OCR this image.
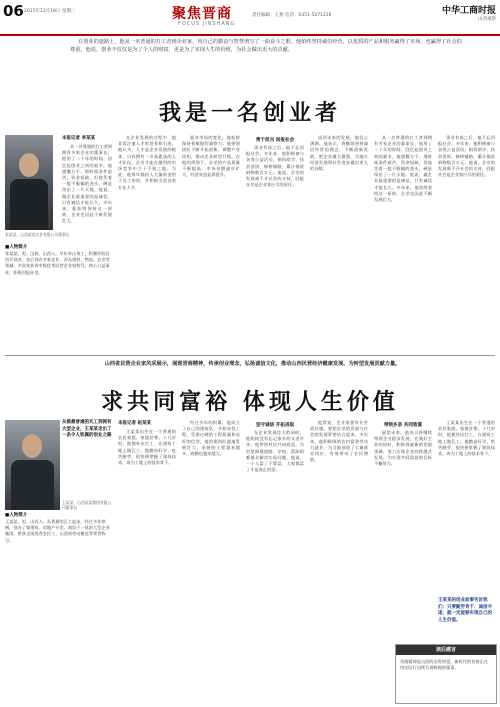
06 2015年11月18日 星期三	聚焦晋商
FOCUS JINSHANG
责任编辑：王燕 电话：0351-5271216	中华工商时报
山西观察
在创业的道路上，他从一名普通的打工者到企业家，用自己的勤奋与智慧谱写了一曲奋斗之歌。他始终坚持诚信经营，以优质的产品和服务赢得了市场，也赢得了社会的尊重。他说，创业不仅仅是为了个人的财富，更是为了实现人生的价值，为社会做出更大的贡献。
我是一名创业者
张某某，山西某某实业有限公司董事长
■人物简介
张某某，男，汉族，山西人。早年外出务工，积累经验后回乡创业，先后创办多家企业，涉及建材、物流、农业等领域。多次荣获省市级优秀民营企业家称号，热心公益事业，积极回报社会。
本报记者 李某某

从一名普通的打工者到拥有多家企业的董事长，他用了二十年的时间。回忆起创业之初的艰辛，他感慨万千。那时候条件艰苦，资金短缺，但他凭着一股不服输的劲头，硬是闯出了一片天地。他说，做企业最重要的是诚信，只有诚信才能长久。多年来，他始终坚持这一原则，企业也因此不断发展壮大。

在企业发展的过程中，他非常注重人才的培养和引进。他认为，人才是企业发展的根本，只有拥有一支高素质的人才队伍，企业才能在激烈的市场竞争中立于不败之地。为此，他每年都投入大量资金用于员工培训，并积极引进各类专业人才。

面对市场的变化，他始终保持着敏锐的洞察力。他带领团队不断开拓创新，调整产业结构，推动企业转型升级。在他的带领下，企业的产品质量不断提高，市场份额逐年扩大，经济效益显著提升。

勇于担当 回报社会

事业有成之后，他不忘回报社会。多年来，他积极参与各类公益活动，捐资助学、扶贫济困、修桥铺路，累计捐款捐物数百万元。他说，企业的发展离不开社会的支持，回报社会是企业家应尽的责任。

谈到未来的发展，他信心满满。他表示，将继续坚持诚信经营的理念，不断创新发展，把企业做大做强，为地方经济发展和社会进步做出更大的贡献。

从一名普通的打工者到拥有多家企业的董事长，他用了二十年的时间。回忆起创业之初的艰辛，他感慨万千。那时候条件艰苦，资金短缺，但他凭着一股不服输的劲头，硬是闯出了一片天地。他说，做企业最重要的是诚信，只有诚信才能长久。多年来，他始终坚持这一原则，企业也因此不断发展壮大。

事业有成之后，他不忘回报社会。多年来，他积极参与各类公益活动，捐资助学、扶贫济困、修桥铺路，累计捐款捐物数百万元。他说，企业的发展离不开社会的支持，回报社会是企业家应尽的责任。

山西省民营企业家风采展示，展现晋商精神，传承创业理念，弘扬诚信文化，推动山西民营经济健康发展，为转型发展贡献力量。
求共同富裕 体现人生价值
从做最普通的瓦工到拥有大型企业，王某某走出了一条令人钦佩的创业之路
王某某，山西某某集团有限公司董事长
■人物简介
王某某，男，山西人。从普通的瓦工起步，经过多年拼搏，创办了集建筑、房地产开发、商贸于一体的大型企业集团。曾获全国优秀农民工、山西省劳动模范等荣誉称号。
本报记者 赵某某

王某某出生在一个普通的农民家庭，家境贫寒。十几岁时，他便外出打工，在建筑工地上做瓦工。他勤奋好学，吃苦耐劳，很快便掌握了建筑技术，成为工地上的技术骨干。

经过多年的积累，他成立了自己的建筑队，开始承包工程。凭借过硬的工程质量和良好的信誉，他的建筑队逐渐发展壮大，承接的工程越来越多，规模也越来越大。

坚守诚信 开拓进取

在企业发展壮大的同时，他始终没有忘记家乡的父老乡亲。他带领村民共同致富，为村里修建道路、学校，帮助困难群众解决实际问题。他说，一个人富了不算富，大家都富了才是真正的富。

他常说，企业家要有社会责任感，要把企业的发展与社会的发展紧密结合起来。多年来，他积极吸纳农村富余劳动力就业，为当地创造了大量就业岗位，有效带动了农民增收。

带领乡亲 共同致富

展望未来，他表示将继续带领企业稳步发展，在做好主业的同时，积极探索新的发展领域，努力实现企业的跨越式发展，为实现共同富裕的目标不懈努力。

王某某出生在一个普通的农民家庭，家境贫寒。十几岁时，他便外出打工，在建筑工地上做瓦工。他勤奋好学，吃苦耐劳，很快便掌握了建筑技术，成为工地上的技术骨干。

王某某的创业故事告诉我们：只要勤劳肯干、诚信守诺，就一定能够实现自己的人生价值。
读后感言
晋商精神是山西的宝贵财富，新时代的晋商正在用实际行动续写着辉煌的篇章。
